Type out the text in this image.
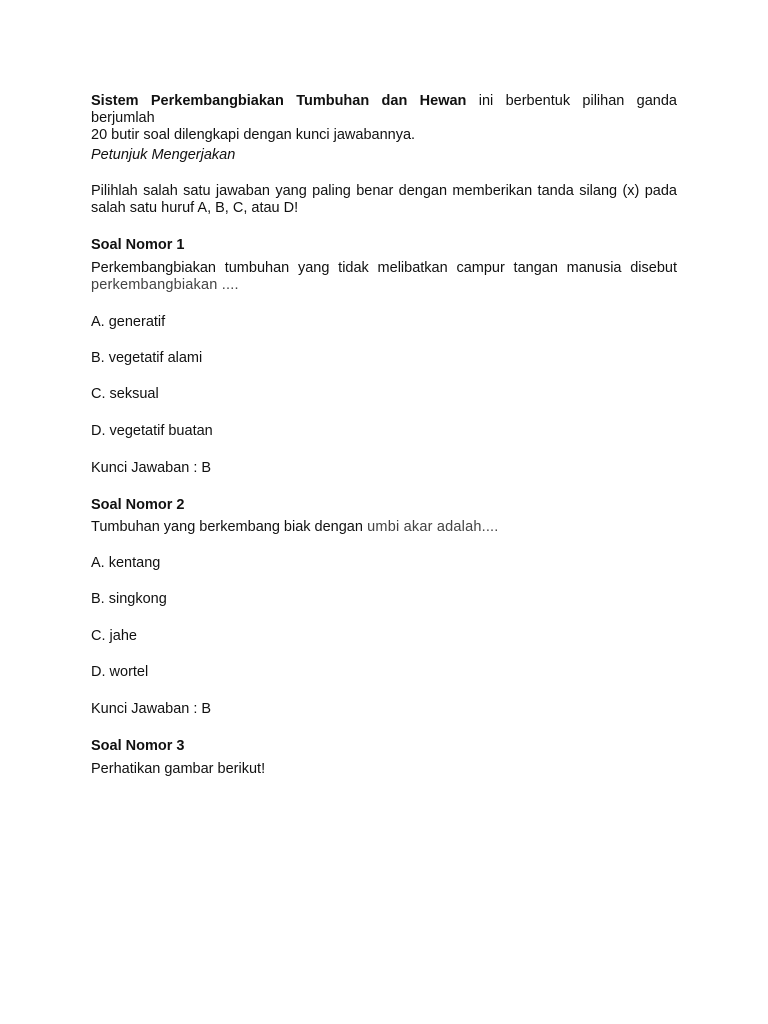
Sistem Perkembangbiakan Tumbuhan dan Hewan ini berbentuk pilihan ganda berjumlah
20 butir soal dilengkapi dengan kunci jawabannya.
Petunjuk Mengerjakan
Pilihlah salah satu jawaban yang paling benar dengan memberikan tanda silang (x) pada
salah satu huruf A, B, C, atau D!
Soal Nomor 1
Perkembangbiakan tumbuhan yang tidak melibatkan campur tangan manusia disebut
perkembangbiakan ....
A. generatif
B. vegetatif alami
C. seksual
D. vegetatif buatan
Kunci Jawaban : B
Soal Nomor 2
Tumbuhan yang berkembang biak dengan umbi akar adalah....
A. kentang
B. singkong
C. jahe
D. wortel
Kunci Jawaban : B
Soal Nomor 3
Perhatikan gambar berikut!
